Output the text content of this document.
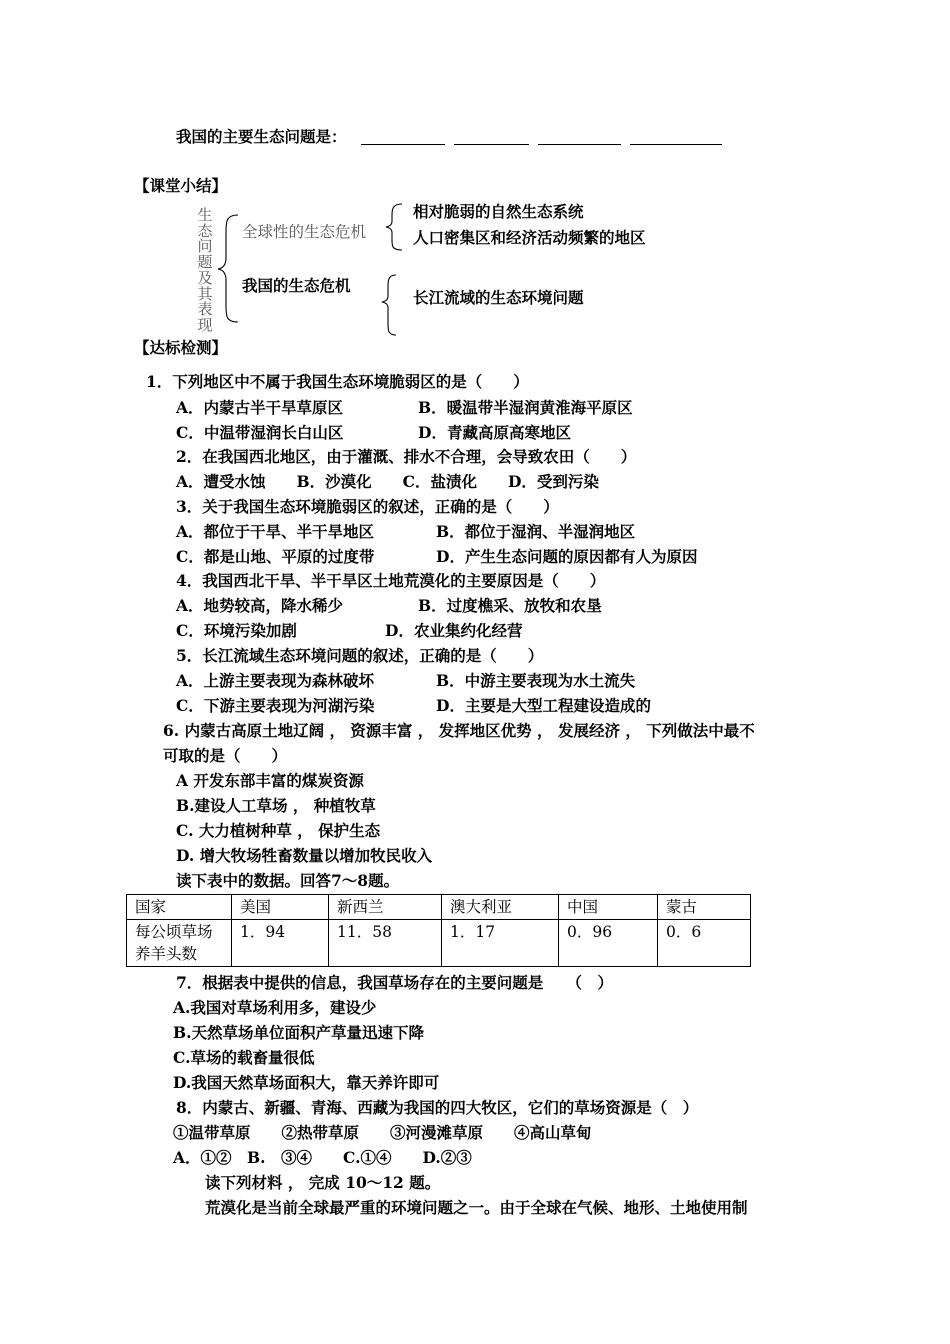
我国的主要生态问题是：
【课堂小结】
生
态
问
题
及
其
表
现
全球性的生态危机
我国的生态危机
相对脆弱的自然生态系统
人口密集区和经济活动频繁的地区
长江流域的生态环境问题
【达标检测】
1．下列地区中不属于我国生态环境脆弱区的是（　　）
A．内蒙古半干旱草原区	B．暖温带半湿润黄淮海平原区
C．中温带湿润长白山区	D．青藏高原高寒地区
2．在我国西北地区，由于灌溉、排水不合理，会导致农田（　　）
A．遭受水蚀　　B．沙漠化　　C．盐渍化　　D．受到污染
3．关于我国生态环境脆弱区的叙述，正确的是（　　）
A．都位于干旱、半干旱地区	B．都位于湿润、半湿润地区
C．都是山地、平原的过度带	D．产生生态问题的原因都有人为原因
4．我国西北干旱、半干旱区土地荒漠化的主要原因是（　　）
A．地势较高，降水稀少	B．过度樵采、放牧和农垦
C．环境污染加剧	D．农业集约化经营
5．长江流域生态环境问题的叙述，正确的是（　　）
A．上游主要表现为森林破坏	B．中游主要表现为水土流失
C．下游主要表现为河湖污染	D．主要是大型工程建设造成的
6. 内蒙古高原土地辽阔 ， 资源丰富 ， 发挥地区优势 ， 发展经济 ， 下列做法中最不
可取的是（　　）
A 开发东部丰富的煤炭资源
B.建设人工草场 ， 种植牧草
C. 大力植树种草 ， 保护生态
D. 增大牧场牲畜数量以增加牧民收入
读下表中的数据。回答7～8题。
国家	美国	新西兰	澳大利亚	中国	蒙古

每公顷草场
养羊头数	1．94	11．58	1．17	0．96	0．6
7．根据表中提供的信息，我国草场存在的主要问题是　　（　）
A.我国对草场利用多，建设少
B.天然草场单位面积产草量迅速下降
C.草场的载畜量很低
D.我国天然草场面积大，靠天养许即可
8．内蒙古、新疆、青海、西藏为我国的四大牧区，它们的草场资源是（　）
①温带草原　　②热带草原　　③河漫滩草原　　④高山草甸
A．①②　B.　③④　　C.①④　　D.②③
读下列材料 ， 完成 10～12 题。
荒漠化是当前全球最严重的环境问题之一。由于全球在气候、地形、土地使用制
